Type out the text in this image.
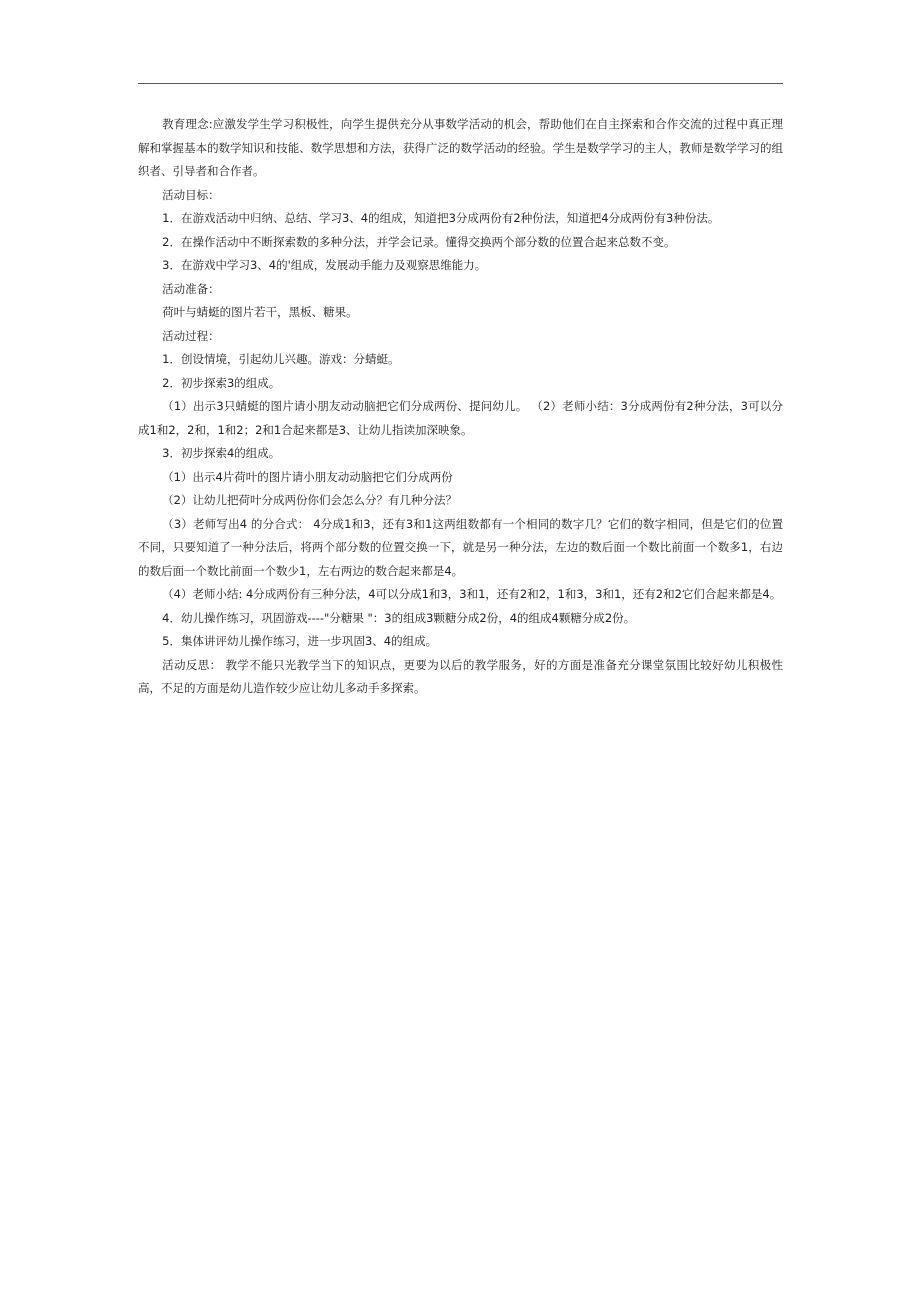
教育理念:应激发学生学习积极性，向学生提供充分从事数学活动的机会，帮助他们在自主探索和合作交流的过程中真正理解和掌握基本的数学知识和技能、数学思想和方法，获得广泛的数学活动的经验。学生是数学学习的主人，教师是数学学习的组织者、引导者和合作者。

活动目标：

1．在游戏活动中归纳、总结、学习3、4的组成，知道把3分成两份有2种份法，知道把4分成两份有3种份法。

2．在操作活动中不断探索数的多种分法，并学会记录。懂得交换两个部分数的位置合起来总数不变。

3．在游戏中学习3、4的'组成，发展动手能力及观察思维能力。

活动准备：

荷叶与蜻蜓的图片若干，黑板、糖果。

活动过程：

1．创设情境，引起幼儿兴趣。游戏：分蜻蜓。

2．初步探索3的组成。

（1）出示3只蜻蜓的图片请小朋友动动脑把它们分成两份、提问幼儿。 （2）老师小结：3分成两份有2种分法，3可以分成1和2，2和，1和2；2和1合起来都是3、让幼儿指读加深映象。

3．初步探索4的组成。

（1）出示4片荷叶的图片请小朋友动动脑把它们分成两份

（2）让幼儿把荷叶分成两份你们会怎么分？有几种分法？

（3）老师写出4 的分合式： 4分成1和3，还有3和1这两组数都有一个相同的数字几？它们的数字相同，但是它们的位置不同，只要知道了一种分法后，将两个部分数的位置交换一下，就是另一种分法，左边的数后面一个数比前面一个数多1，右边的数后面一个数比前面一个数少1，左右两边的数合起来都是4。

（4）老师小结: 4分成两份有三种分法，4可以分成1和3，3和1，还有2和2，1和3，3和1，还有2和2它们合起来都是4。

4．幼儿操作练习，巩固游戏----"分糖果 "：3的组成3颗糖分成2份，4的组成4颗糖分成2份。

5．集体讲评幼儿操作练习，进一步巩固3、4的组成。

活动反思： 教学不能只光教学当下的知识点，更要为以后的教学服务，好的方面是准备充分课堂氛围比较好幼儿积极性高，不足的方面是幼儿造作较少应让幼儿多动手多探索。
